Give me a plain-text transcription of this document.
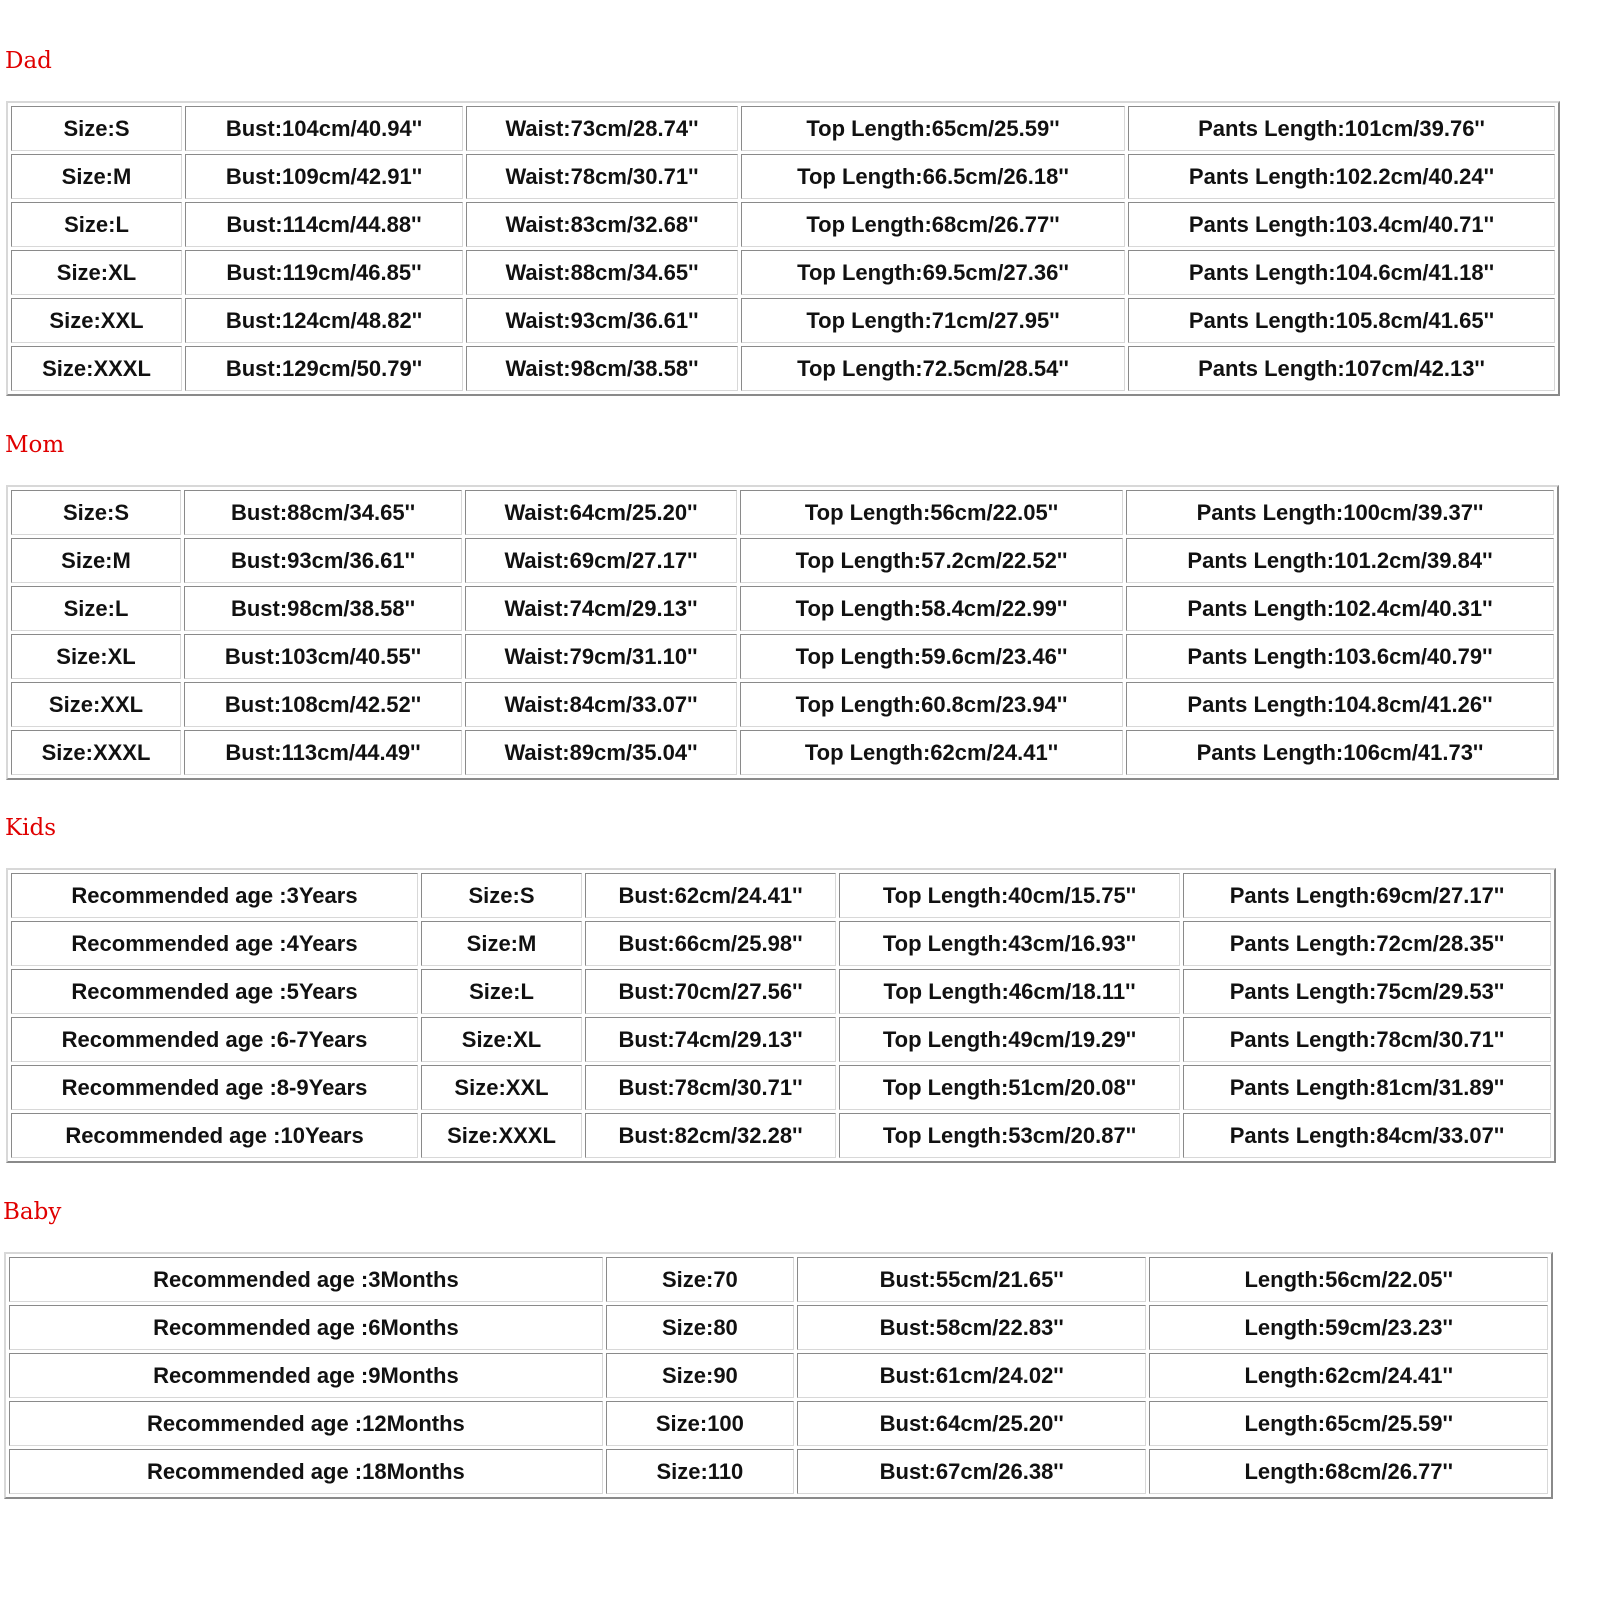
Dad
Size:S	Bust:104cm/40.94''	Waist:73cm/28.74''	Top Length:65cm/25.59''	Pants Length:101cm/39.76''
Size:M	Bust:109cm/42.91''	Waist:78cm/30.71''	Top Length:66.5cm/26.18''	Pants Length:102.2cm/40.24''
Size:L	Bust:114cm/44.88''	Waist:83cm/32.68''	Top Length:68cm/26.77''	Pants Length:103.4cm/40.71''
Size:XL	Bust:119cm/46.85''	Waist:88cm/34.65''	Top Length:69.5cm/27.36''	Pants Length:104.6cm/41.18''
Size:XXL	Bust:124cm/48.82''	Waist:93cm/36.61''	Top Length:71cm/27.95''	Pants Length:105.8cm/41.65''
Size:XXXL	Bust:129cm/50.79''	Waist:98cm/38.58''	Top Length:72.5cm/28.54''	Pants Length:107cm/42.13''
Mom
Size:S	Bust:88cm/34.65''	Waist:64cm/25.20''	Top Length:56cm/22.05''	Pants Length:100cm/39.37''
Size:M	Bust:93cm/36.61''	Waist:69cm/27.17''	Top Length:57.2cm/22.52''	Pants Length:101.2cm/39.84''
Size:L	Bust:98cm/38.58''	Waist:74cm/29.13''	Top Length:58.4cm/22.99''	Pants Length:102.4cm/40.31''
Size:XL	Bust:103cm/40.55''	Waist:79cm/31.10''	Top Length:59.6cm/23.46''	Pants Length:103.6cm/40.79''
Size:XXL	Bust:108cm/42.52''	Waist:84cm/33.07''	Top Length:60.8cm/23.94''	Pants Length:104.8cm/41.26''
Size:XXXL	Bust:113cm/44.49''	Waist:89cm/35.04''	Top Length:62cm/24.41''	Pants Length:106cm/41.73''
Kids
Recommended age :3Years	Size:S	Bust:62cm/24.41''	Top Length:40cm/15.75''	Pants Length:69cm/27.17''
Recommended age :4Years	Size:M	Bust:66cm/25.98''	Top Length:43cm/16.93''	Pants Length:72cm/28.35''
Recommended age :5Years	Size:L	Bust:70cm/27.56''	Top Length:46cm/18.11''	Pants Length:75cm/29.53''
Recommended age :6-7Years	Size:XL	Bust:74cm/29.13''	Top Length:49cm/19.29''	Pants Length:78cm/30.71''
Recommended age :8-9Years	Size:XXL	Bust:78cm/30.71''	Top Length:51cm/20.08''	Pants Length:81cm/31.89''
Recommended age :10Years	Size:XXXL	Bust:82cm/32.28''	Top Length:53cm/20.87''	Pants Length:84cm/33.07''
Baby
Recommended age :3Months	Size:70	Bust:55cm/21.65''	Length:56cm/22.05''
Recommended age :6Months	Size:80	Bust:58cm/22.83''	Length:59cm/23.23''
Recommended age :9Months	Size:90	Bust:61cm/24.02''	Length:62cm/24.41''
Recommended age :12Months	Size:100	Bust:64cm/25.20''	Length:65cm/25.59''
Recommended age :18Months	Size:110	Bust:67cm/26.38''	Length:68cm/26.77''
